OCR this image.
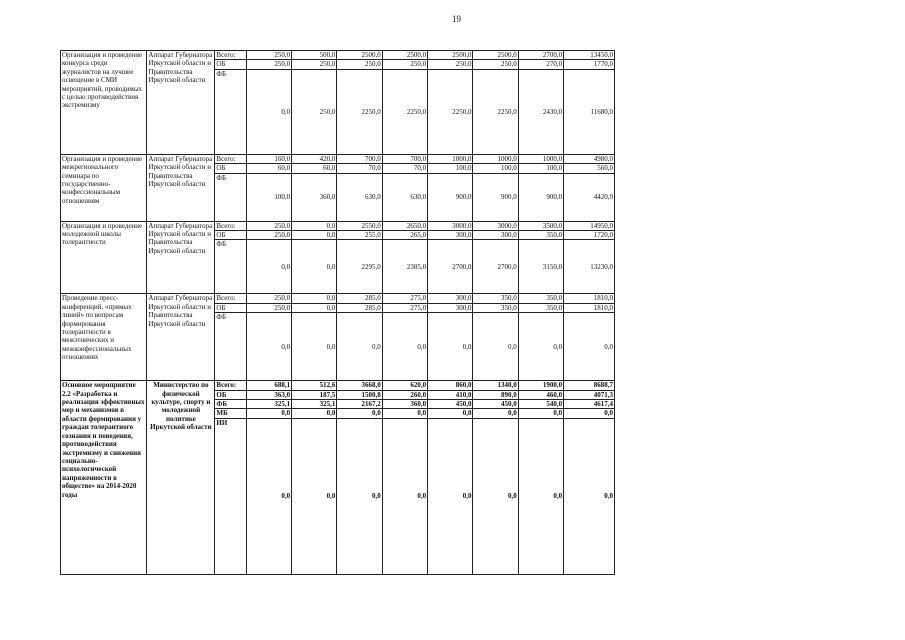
19
Организация и проведение конкурса среди журналистов на лучшее освещение в СМИ мероприятий, проводимых с целью противодействия экстремизму	Аппарат Губернатора Иркутской области и Правительства Иркутской области	Всего:	250,0	500,0	2500,0	2500,0	2500,0	2500,0	2700,0	13450,0
		ОБ	250,0	250,0	250,0	250,0	250,0	250,0	270,0	1770,0
		ФБ	0,0	250,0	2250,0	2250,0	2250,0	2250,0	2430,0	11680,0
Организация и проведение межрегионального семинара по государственно-конфессиональным отношениям	Аппарат Губернатора Иркутской области и Правительства Иркутской области	Всего:	160,0	420,0	700,0	700,0	1000,0	1000,0	1000,0	4980,0
		ОБ	60,0	60,0	70,0	70,0	100,0	100,0	100,0	560,0
		ФБ	100,0	360,0	630,0	630,0	900,0	900,0	900,0	4420,0
Организация и проведение молодежной школы толерантности	Аппарат Губернатора Иркутской области и Правительства Иркутской области	Всего:	250,0	0,0	2550,0	2650,0	3000,0	3000,0	3500,0	14950,0
		ОБ	250,0	0,0	255,0	265,0	300,0	300,0	350,0	1720,0
		ФБ	0,0	0,0	2295,0	2385,0	2700,0	2700,0	3150,0	13230,0
Проведение пресс-конференций, «прямых линий» по вопросам формирования толерантности в межэтнических и межконфессиональных отношениях	Аппарат Губернатора Иркутской области и Правительства Иркутской области	Всего:	250,0	0,0	285,0	275,0	300,0	350,0	350,0	1810,0
		ОБ	250,0	0,0	285,0	275,0	300,0	350,0	350,0	1810,0
		ФБ	0,0	0,0	0,0	0,0	0,0	0,0	0,0	0,0
Основное мероприятие 2.2 «Разработка и реализация эффективных мер и механизмов в области формирования у граждан толерантного сознания и поведения, противодействия экстремизму и снижения социально-психологической напряженности в обществе» на 2014-2020 годы	Министерство по физической культуре, спорту и молодежной политике Иркутской области	Всего:	688,1	512,6	3668,0	620,0	860,0	1340,0	1900,0	8688,7
		ОБ	363,0	187,5	1500,8	260,0	410,0	890,0	460,0	4071,3
		ФБ	325,1	325,1	2167,2	360,0	450,0	450,0	540,0	4617,4
		МБ	0,0	0,0	0,0	0,0	0,0	0,0	0,0	0,0
		ИИ	0,0	0,0	0,0	0,0	0,0	0,0	0,0	0,0
